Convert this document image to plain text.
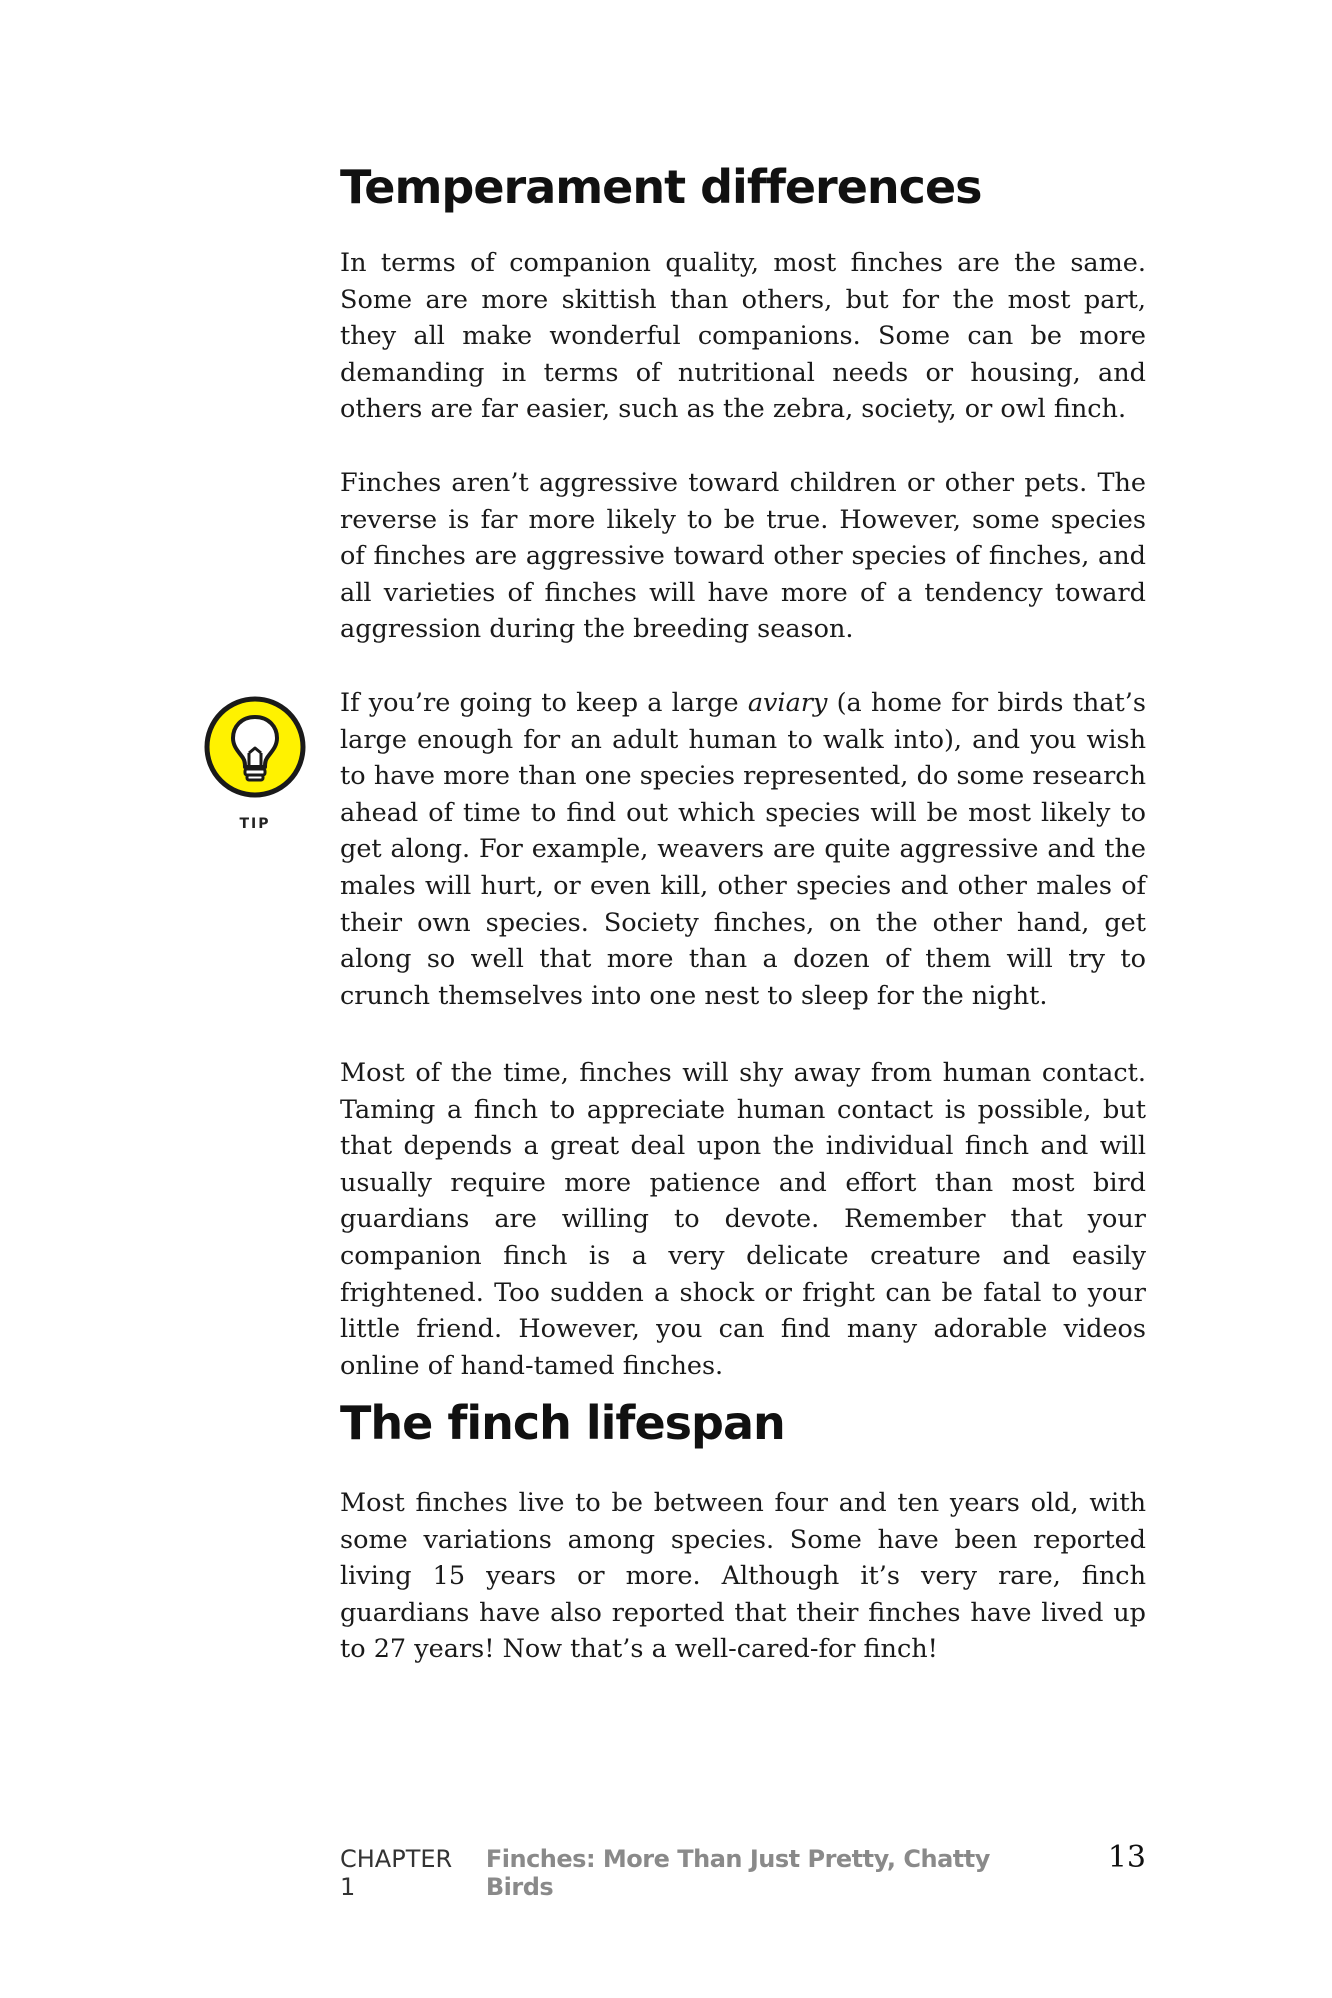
Temperament differences

In terms of companion quality, most finches are the same. Some are more skittish than others, but for the most part, they all make wonderful companions. Some can be more demanding in terms of nutritional needs or housing, and others are far easier, such as the zebra, society, or owl finch.

Finches aren’t aggressive toward children or other pets. The reverse is far more likely to be true. However, some species of finches are aggressive toward other species of finches, and all varieties of finches will have more of a tendency toward aggression during the breeding season.

TIP

If you’re going to keep a large aviary (a home for birds that’s large enough for an adult human to walk into), and you wish to have more than one species represented, do some research ahead of time to find out which species will be most likely to get along. For example, weavers are quite aggressive and the males will hurt, or even kill, other species and other males of their own species. Society finches, on the other hand, get along so well that more than a dozen of them will try to crunch themselves into one nest to sleep for the night.

Most of the time, finches will shy away from human contact. Taming a finch to appreciate human contact is possible, but that depends a great deal upon the individual finch and will usually require more patience and effort than most bird guardians are willing to devote. Remember that your companion finch is a very delicate creature and easily frightened. Too sudden a shock or fright can be fatal to your little friend. However, you can find many adorable videos online of hand-tamed finches.

The finch lifespan

Most finches live to be between four and ten years old, with some variations among species. Some have been reported living 15 years or more. Although it’s very rare, finch guardians have also reported that their finches have lived up to 27 years! Now that’s a well-cared-for finch!

CHAPTER 1
Finches: More Than Just Pretty, Chatty Birds
13
